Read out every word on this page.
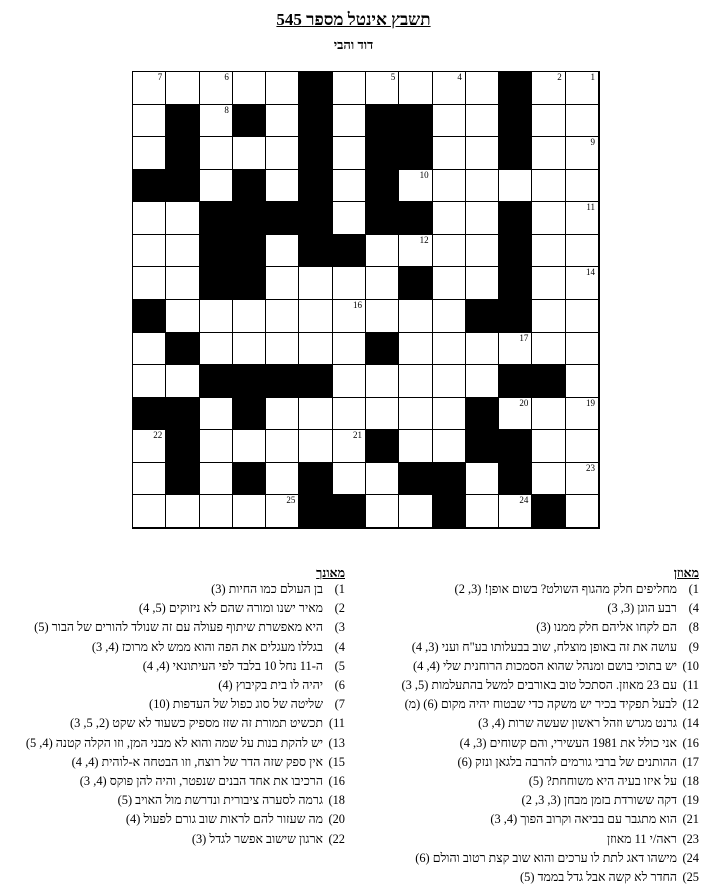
תשבץ אינטל מספר 545
דוד והבי
7	6	5	4	3	2	1
8
9
10
11
13	12
15	14
16
17
18
20	19
22	21
23
25	24
מאוזן
1)מחליפים חלק מהגוף השולט? בשום אופן! (3, 2)
4)רבע הוגן (3, 3)
8)הם לקחו אליהם חלק ממנו (3)
9)עושה את זה באופן מוצלח, שוב בבעלותו בע"ח ועני (3, 4)
10)יש בתוכי בושם ומנהל שהוא הסמכות הרוחנית שלי (4, 4)
11)עם 23 מאוזן. הסתכל טוב באורבים למשל בהתעלמות (5, 3)
12)לבעל תפקיד בכיר יש משקה כדי שבטוח יהיה מקום (6) (מ)
14)גרנט מגרש וזהל ראשון שעשה שרות (4, 3)
16)אני כולל את 1981 העשירי, והם קשוחים (3, 4)
17)ההותנים של ברבי גורמים להרבה בלגאן ונזק (6)
18)על איזו בעיה היא משוחחת? (5)
19)דקה ששורדת בזמן מבחן (3, 3, 2)
21)הוא מתגבר עם בביאה וקרוב הפוך (4, 3)
23)ראה/י 11 מאוזן
24)מישהו דאג לתת לו ערכים והוא שוב קצת רטוב והולם (6)
25)החדר לא קשה אבל גדל בממד (5)
מאונך
1)בן העולם כמו החיות (3)
2)מאיר ישנו ומורה שהם לא ניזוקים (5, 4)
3)היא מאפשרת שיתוף פעולה עם זה שנולד להורים של הבור (5)
4)בגללו מעגלים את הפה והוא ממש לא מרוכז (4, 3)
5)ה-11 נחל 10 בלבד לפי העיתונאי (4, 4)
6)יהיה לו בית בקיבוץ (4)
7)שליטה של סוג כפול של העדפות (10)
11)תכשיט תמורת זה שזז מספיק כשעוד לא שקט (2, 5, 3)
13)יש להקת בנות על שמה והוא לא מבני המן, וזו הקלה קטנה (4, 5)
15)אין ספק שזה הדר של רוצח, וזו הבטחה א-לוהית (4, 4)
16)הרכיבו את אחד הבנים שנפטר, והיה להן פוקס (4, 3)
18)גרמה לסערה ציבורית ונדרשת מול האויב (5)
20)מה שעזור להם לראות שוב גורם לפעול (4)
22)ארגון שישוב אפשר לגדל (3)
